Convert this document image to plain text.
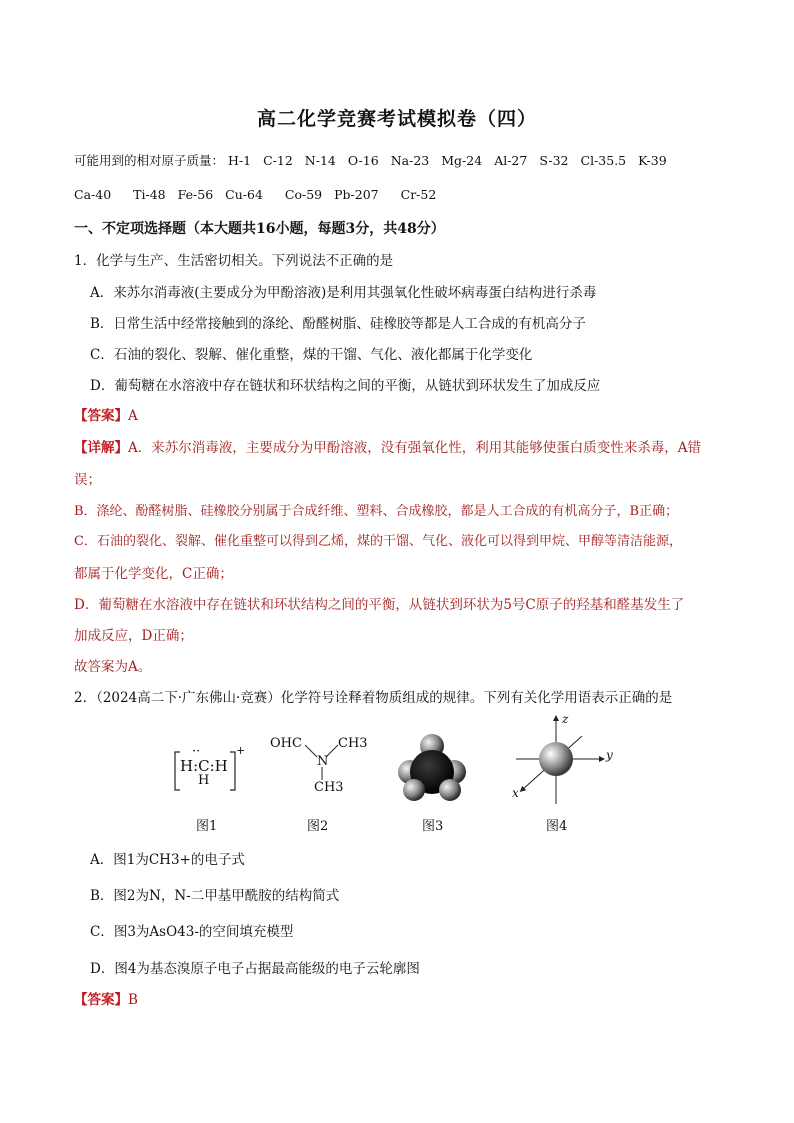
高二化学竞赛考试模拟卷（四）
可能用到的相对原子质量： H-1 C-12 N-14 O-16 Na-23 Mg-24 Al-27 S-32 Cl-35.5 K-39
Ca-40 Ti-48 Fe-56 Cu-64 Co-59 Pb-207 Cr-52
一、不定项选择题（本大题共16小题，每题3分，共48分）
1．化学与生产、生活密切相关。下列说法不正确的是
A．来苏尔消毒液(主要成分为甲酚溶液)是利用其强氧化性破坏病毒蛋白结构进行杀毒
B．日常生活中经常接触到的涤纶、酚醛树脂、硅橡胶等都是人工合成的有机高分子
C．石油的裂化、裂解、催化重整，煤的干馏、气化、液化都属于化学变化
D．葡萄糖在水溶液中存在链状和环状结构之间的平衡，从链状到环状发生了加成反应
【答案】A
【详解】A．来苏尔消毒液，主要成分为甲酚溶液，没有强氧化性，利用其能够使蛋白质变性来杀毒，A错
误；
B．涤纶、酚醛树脂、硅橡胶分别属于合成纤维、塑料、合成橡胶，都是人工合成的有机高分子，B正确；
C．石油的裂化、裂解、催化重整可以得到乙烯，煤的干馏、气化、液化可以得到甲烷、甲醇等清洁能源，
都属于化学变化，C正确；
D．葡萄糖在水溶液中存在链状和环状结构之间的平衡，从链状到环状为5号C原子的羟基和醛基发生了
加成反应，D正确；
故答案为A。
2．（2024高二下·广东佛山·竞赛）化学符号诠释着物质组成的规律。下列有关化学用语表示正确的是
··
H:C:H
H
+ OHC
N
CH3
CH3
z
y
x
图1	图2	图3	图4
A．图1为CH3+的电子式
B．图2为N，N-二甲基甲酰胺的结构简式
C．图3为AsO43-的空间填充模型
D．图4为基态溴原子电子占据最高能级的电子云轮廓图
【答案】B
